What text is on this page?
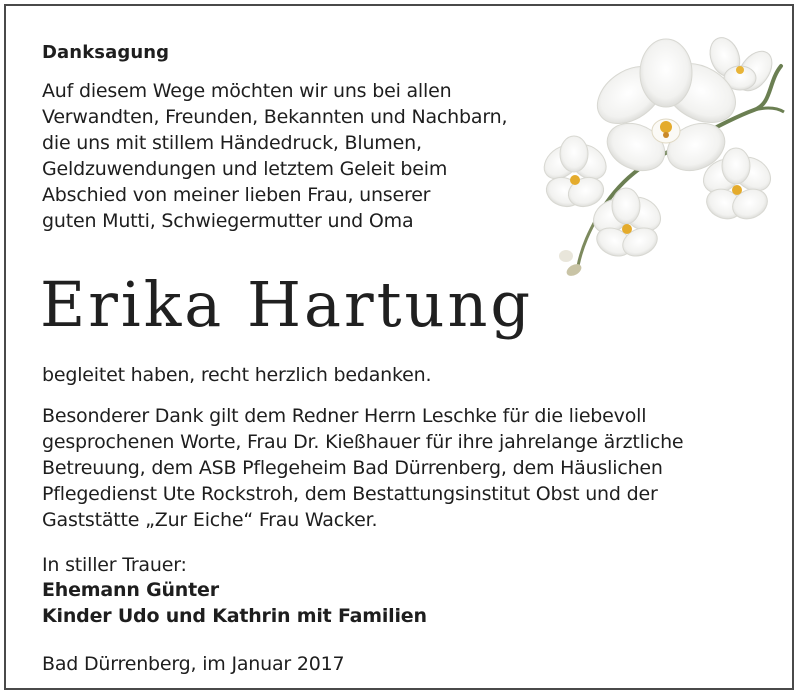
Danksagung

Auf diesem Wege möchten wir uns bei allen
Verwandten, Freunden, Bekannten und Nachbarn,
die uns mit stillem Händedruck, Blumen,
Geldzuwendungen und letztem Geleit beim
Abschied von meiner lieben Frau, unserer
guten Mutti, Schwiegermutter und Oma

Erika Hartung

begleitet haben, recht herzlich bedanken.

Besonderer Dank gilt dem Redner Herrn Leschke für die liebevoll
gesprochenen Worte, Frau Dr. Kießhauer für ihre jahrelange ärztliche
Betreuung, dem ASB Pflegeheim Bad Dürrenberg, dem Häuslichen
Pflegedienst Ute Rockstroh, dem Bestattungsinstitut Obst und der
Gaststätte „Zur Eiche“ Frau Wacker.

In stiller Trauer:

Ehemann Günter
Kinder Udo und Kathrin mit Familien

Bad Dürrenberg, im Januar 2017
